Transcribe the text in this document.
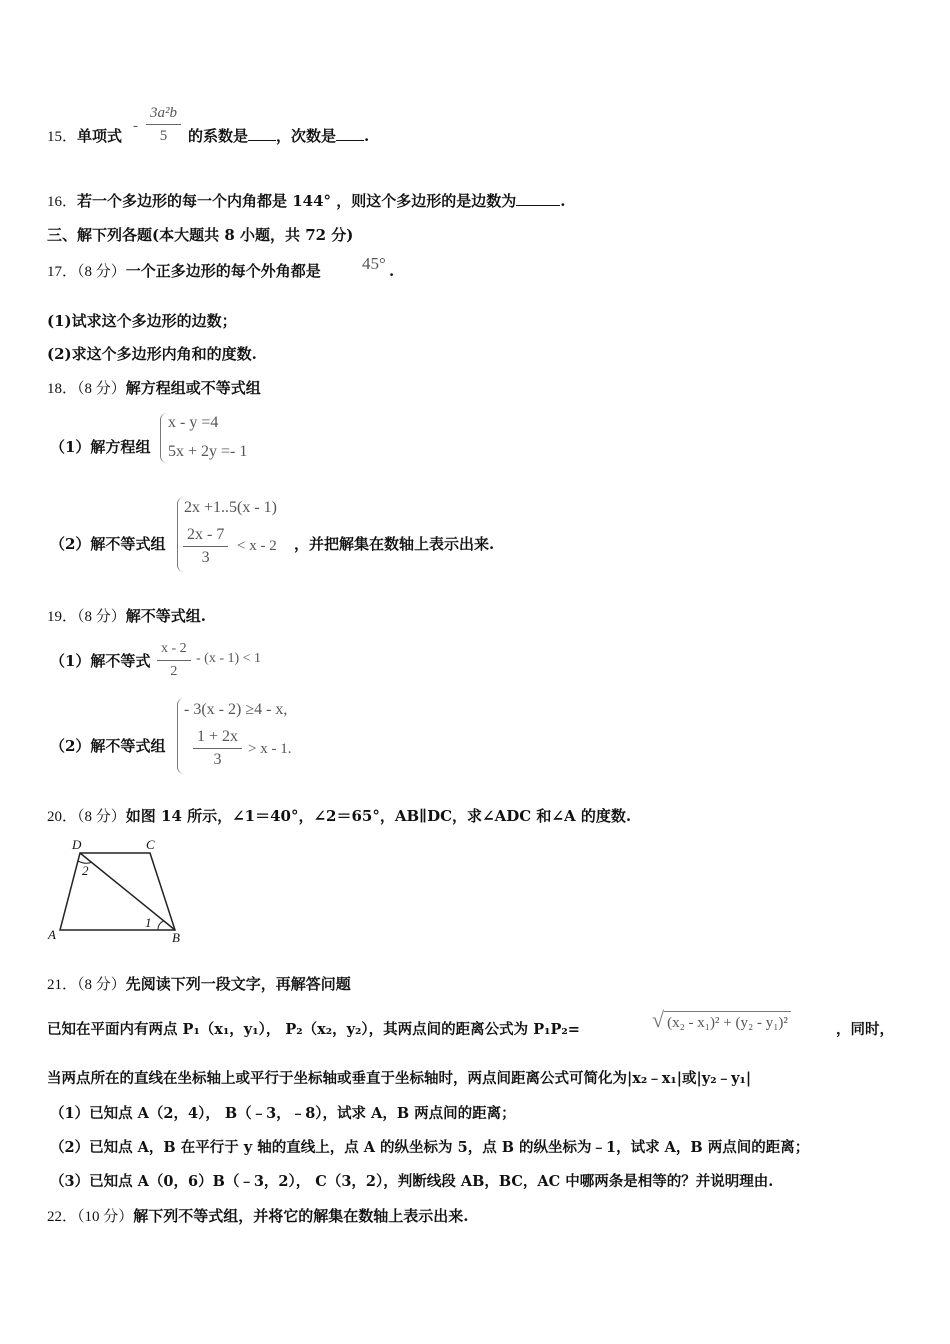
15．单项式
- $\frac{\text{3a²b}}{5}$ 的系数是 ，次数是 .
16．若一个多边形的每一个内角都是 144° ，则这个多边形的是边数为	.
三、解下列各题(本大题共 8 小题，共 72 分)
17．（8 分）一个正多边形的每个外角都是 45° .
(1)试求这个多边形的边数；
(2)求这个多边形内角和的度数.
18．（8 分）解方程组或不等式组
（1）解方程组
x - y =4
5x + 2y =- 1
（2）解不等式组
2x +1..5(x - 1)
$\frac{2x - 7}{3} < x - 2$ ，并把解集在数轴上表示出来.
19．（8 分）解不等式组.
（1）解不等式 $\frac{x - 2}{2} - (x - 1) < 1$
（2）解不等式组
- 3(x - 2) ≥4 - x,
$\frac{1 + 2x}{3} > x - 1$.
20．（8 分）如图 14 所示，∠1＝40°，∠2＝65°，AB∥DC，求∠ADC 和∠A 的度数.
D	C
A	B
2
1
21．（8 分）先阅读下列一段文字，再解答问题
已知在平面内有两点 P₁（x₁，y₁）， P₂（x₂，y₂），其两点间的距离公式为 P₁P₂=	√ (x₂ - x₁)² + (y₂ - y₁)²	，同时，
当两点所在的直线在坐标轴上或平行于坐标轴或垂直于坐标轴时，两点间距离公式可简化为|x₂﹣x₁|或|y₂﹣y₁|
（1）已知点 A（2，4）， B（﹣3，﹣8），试求 A，B 两点间的距离；
（2）已知点 A，B 在平行于 y 轴的直线上，点 A 的纵坐标为 5，点 B 的纵坐标为﹣1，试求 A，B 两点间的距离；
（3）已知点 A（0，6）B（﹣3，2）， C（3，2），判断线段 AB，BC，AC 中哪两条是相等的？并说明理由.
22．（10 分）解下列不等式组，并将它的解集在数轴上表示出来.
